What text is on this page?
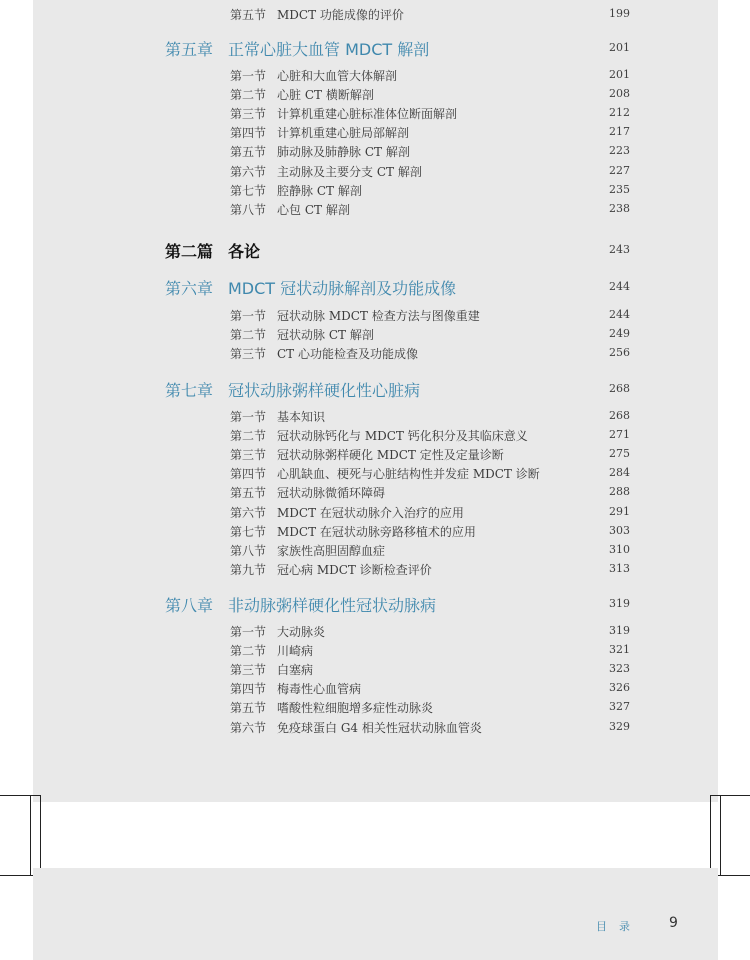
第五节 MDCT 功能成像的评价	199
第五章 正常心脏大血管 MDCT 解剖	201
第一节 心脏和大血管大体解剖	201
第二节 心脏 CT 横断解剖	208
第三节 计算机重建心脏标准体位断面解剖	212
第四节 计算机重建心脏局部解剖	217
第五节 肺动脉及肺静脉 CT 解剖	223
第六节 主动脉及主要分支 CT 解剖	227
第七节 腔静脉 CT 解剖	235
第八节 心包 CT 解剖	238
第二篇 各论	243
第六章 MDCT 冠状动脉解剖及功能成像	244
第一节 冠状动脉 MDCT 检查方法与图像重建	244
第二节 冠状动脉 CT 解剖	249
第三节 CT 心功能检查及功能成像	256
第七章 冠状动脉粥样硬化性心脏病	268
第一节 基本知识	268
第二节 冠状动脉钙化与 MDCT 钙化积分及其临床意义	271
第三节 冠状动脉粥样硬化 MDCT 定性及定量诊断	275
第四节 心肌缺血、梗死与心脏结构性并发症 MDCT 诊断	284
第五节 冠状动脉微循环障碍	288
第六节 MDCT 在冠状动脉介入治疗的应用	291
第七节 MDCT 在冠状动脉旁路移植术的应用	303
第八节 家族性高胆固醇血症	310
第九节 冠心病 MDCT 诊断检查评价	313
第八章 非动脉粥样硬化性冠状动脉病	319
第一节 大动脉炎	319
第二节 川崎病	321
第三节 白塞病	323
第四节 梅毒性心血管病	326
第五节 嗜酸性粒细胞增多症性动脉炎	327
第六节 免疫球蛋白 G4 相关性冠状动脉血管炎	329
目录 9
